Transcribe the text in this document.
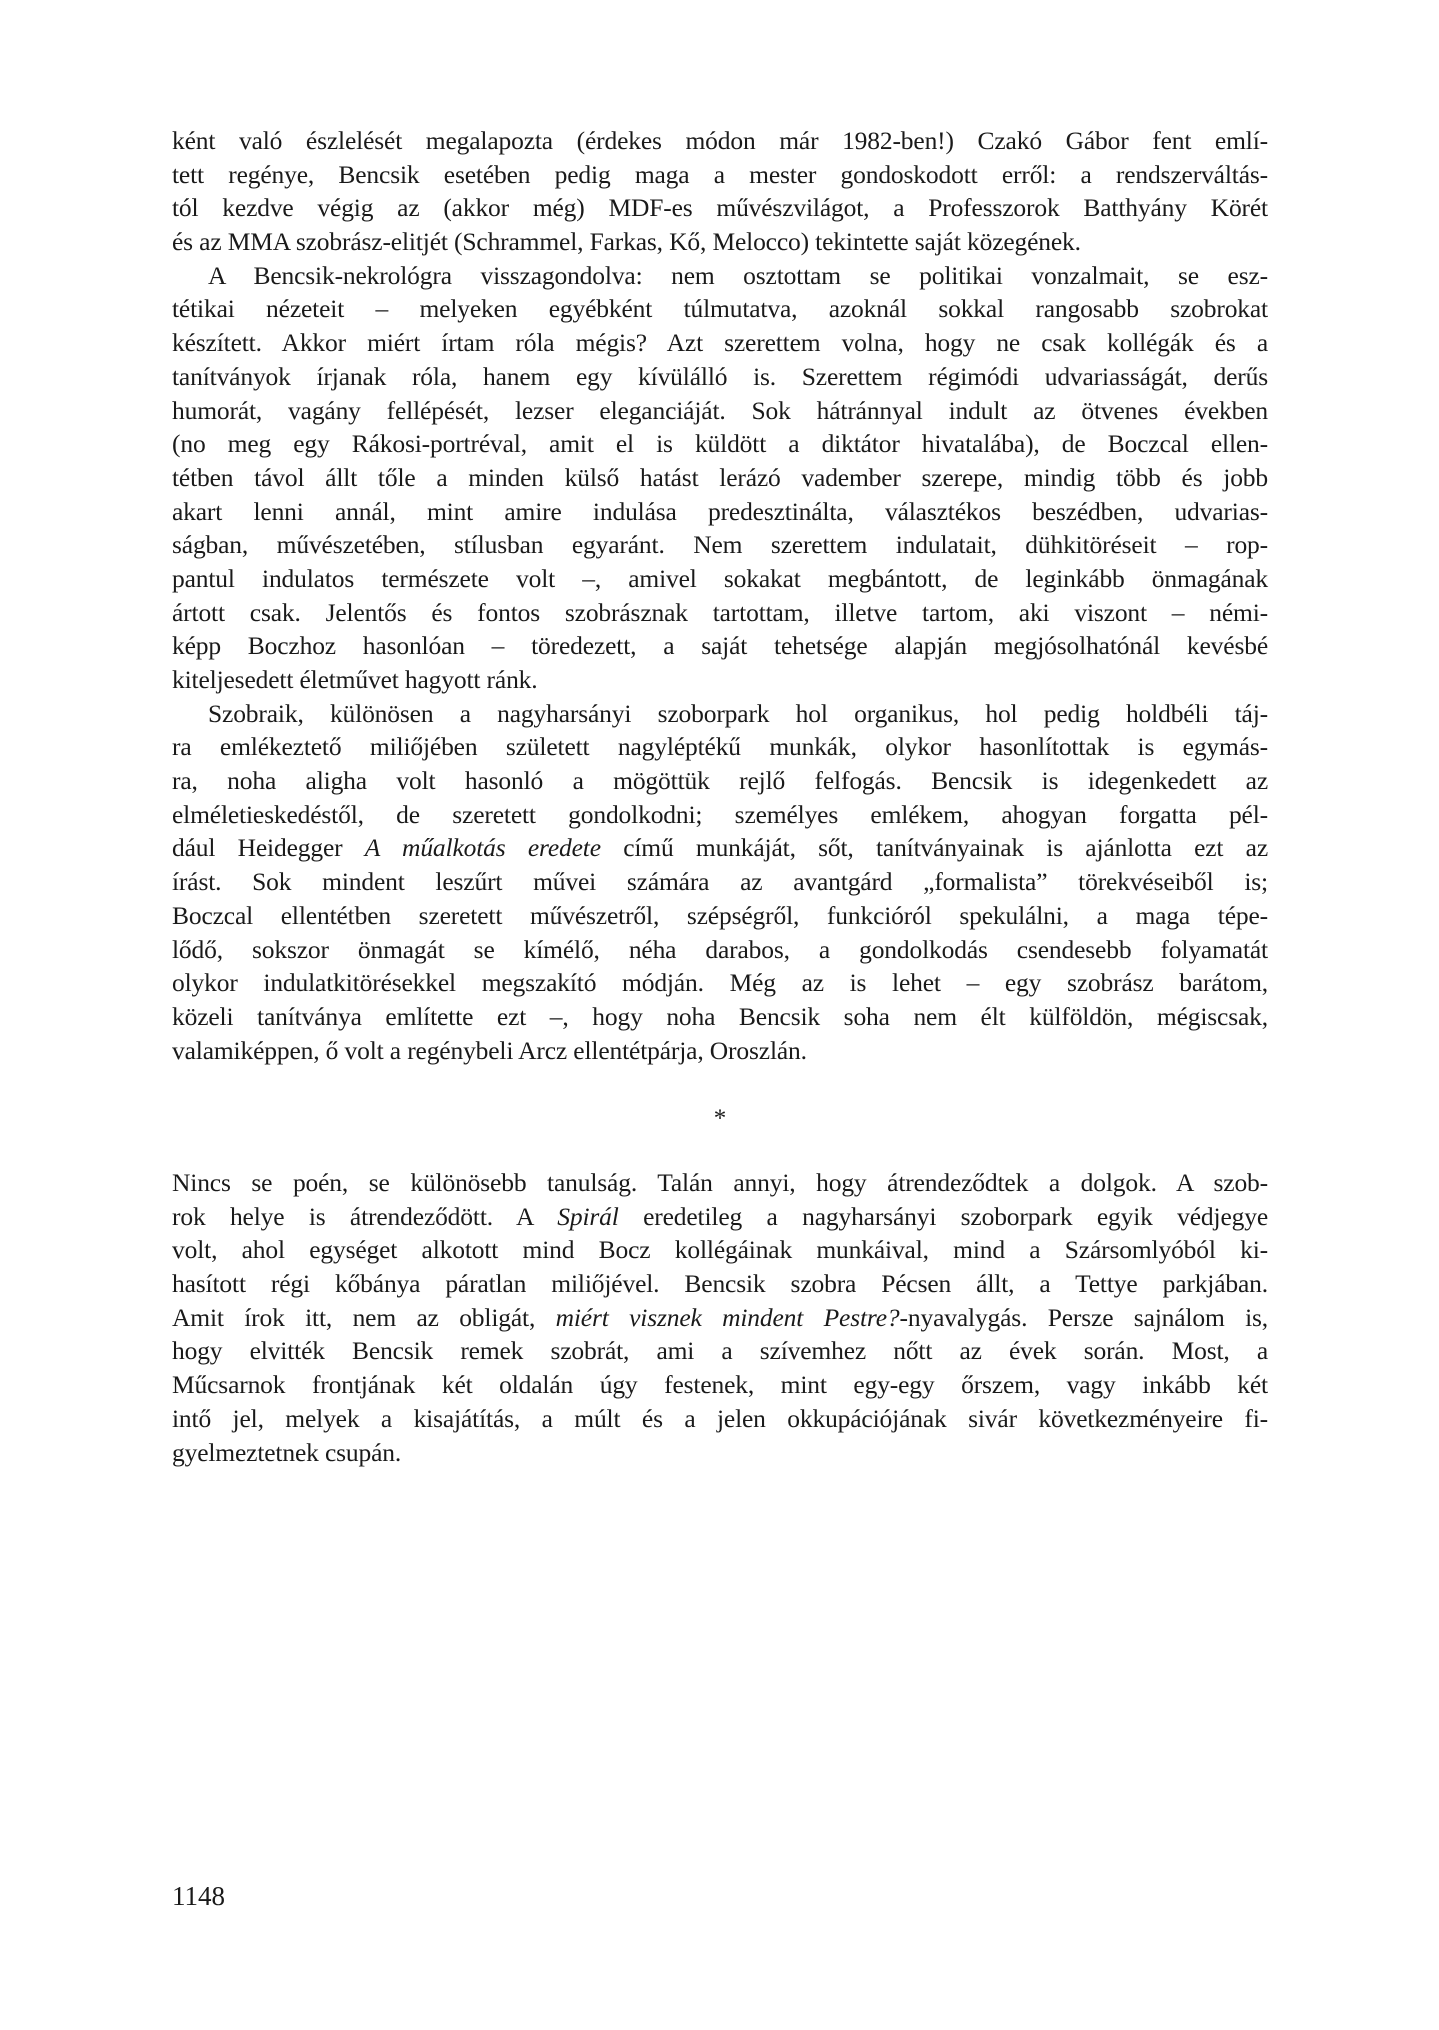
ként való észlelését megalapozta (érdekes módon már 1982-ben!) Czakó Gábor fent emlí-
tett regénye, Bencsik esetében pedig maga a mester gondoskodott erről: a rendszerváltás-
tól kezdve végig az (akkor még) MDF-es művészvilágot, a Professzorok Batthyány Körét
és az MMA szobrász-elitjét (Schrammel, Farkas, Kő, Melocco) tekintette saját közegének.
A Bencsik-nekrológra visszagondolva: nem osztottam se politikai vonzalmait, se esz-
tétikai nézeteit – melyeken egyébként túlmutatva, azoknál sokkal rangosabb szobrokat
készített. Akkor miért írtam róla mégis? Azt szerettem volna, hogy ne csak kollégák és a
tanítványok írjanak róla, hanem egy kívülálló is. Szerettem régimódi udvariasságát, derűs
humorát, vagány fellépését, lezser eleganciáját. Sok hátránnyal indult az ötvenes években
(no meg egy Rákosi-portréval, amit el is küldött a diktátor hivatalába), de Boczcal ellen-
tétben távol állt tőle a minden külső hatást lerázó vadember szerepe, mindig több és jobb
akart lenni annál, mint amire indulása predesztinálta, választékos beszédben, udvarias-
ságban, művészetében, stílusban egyaránt. Nem szerettem indulatait, dühkitöréseit – rop-
pantul indulatos természete volt –, amivel sokakat megbántott, de leginkább önmagának
ártott csak. Jelentős és fontos szobrásznak tartottam, illetve tartom, aki viszont – némi-
képp Boczhoz hasonlóan – töredezett, a saját tehetsége alapján megjósolhatónál kevésbé
kiteljesedett életművet hagyott ránk.
Szobraik, különösen a nagyharsányi szoborpark hol organikus, hol pedig holdbéli táj-
ra emlékeztető miliőjében született nagyléptékű munkák, olykor hasonlítottak is egymás-
ra, noha aligha volt hasonló a mögöttük rejlő felfogás. Bencsik is idegenkedett az
elméletieskedéstől, de szeretett gondolkodni; személyes emlékem, ahogyan forgatta pél-
dául Heidegger A műalkotás eredete című munkáját, sőt, tanítványainak is ajánlotta ezt az
írást. Sok mindent leszűrt művei számára az avantgárd „formalista” törekvéseiből is;
Boczcal ellentétben szeretett művészetről, szépségről, funkcióról spekulálni, a maga tépe-
lődő, sokszor önmagát se kímélő, néha darabos, a gondolkodás csendesebb folyamatát
olykor indulatkitörésekkel megszakító módján. Még az is lehet – egy szobrász barátom,
közeli tanítványa említette ezt –, hogy noha Bencsik soha nem élt külföldön, mégiscsak,
valamiképpen, ő volt a regénybeli Arcz ellentétpárja, Oroszlán.
*
Nincs se poén, se különösebb tanulság. Talán annyi, hogy átrendeződtek a dolgok. A szob-
rok helye is átrendeződött. A Spirál eredetileg a nagyharsányi szoborpark egyik védjegye
volt, ahol egységet alkotott mind Bocz kollégáinak munkáival, mind a Szársomlyóból ki-
hasított régi kőbánya páratlan miliőjével. Bencsik szobra Pécsen állt, a Tettye parkjában.
Amit írok itt, nem az obligát, miért visznek mindent Pestre?-nyavalygás. Persze sajnálom is,
hogy elvitték Bencsik remek szobrát, ami a szívemhez nőtt az évek során. Most, a
Műcsarnok frontjának két oldalán úgy festenek, mint egy-egy őrszem, vagy inkább két
intő jel, melyek a kisajátítás, a múlt és a jelen okkupációjának sivár következményeire fi-
gyelmeztetnek csupán.
1148
